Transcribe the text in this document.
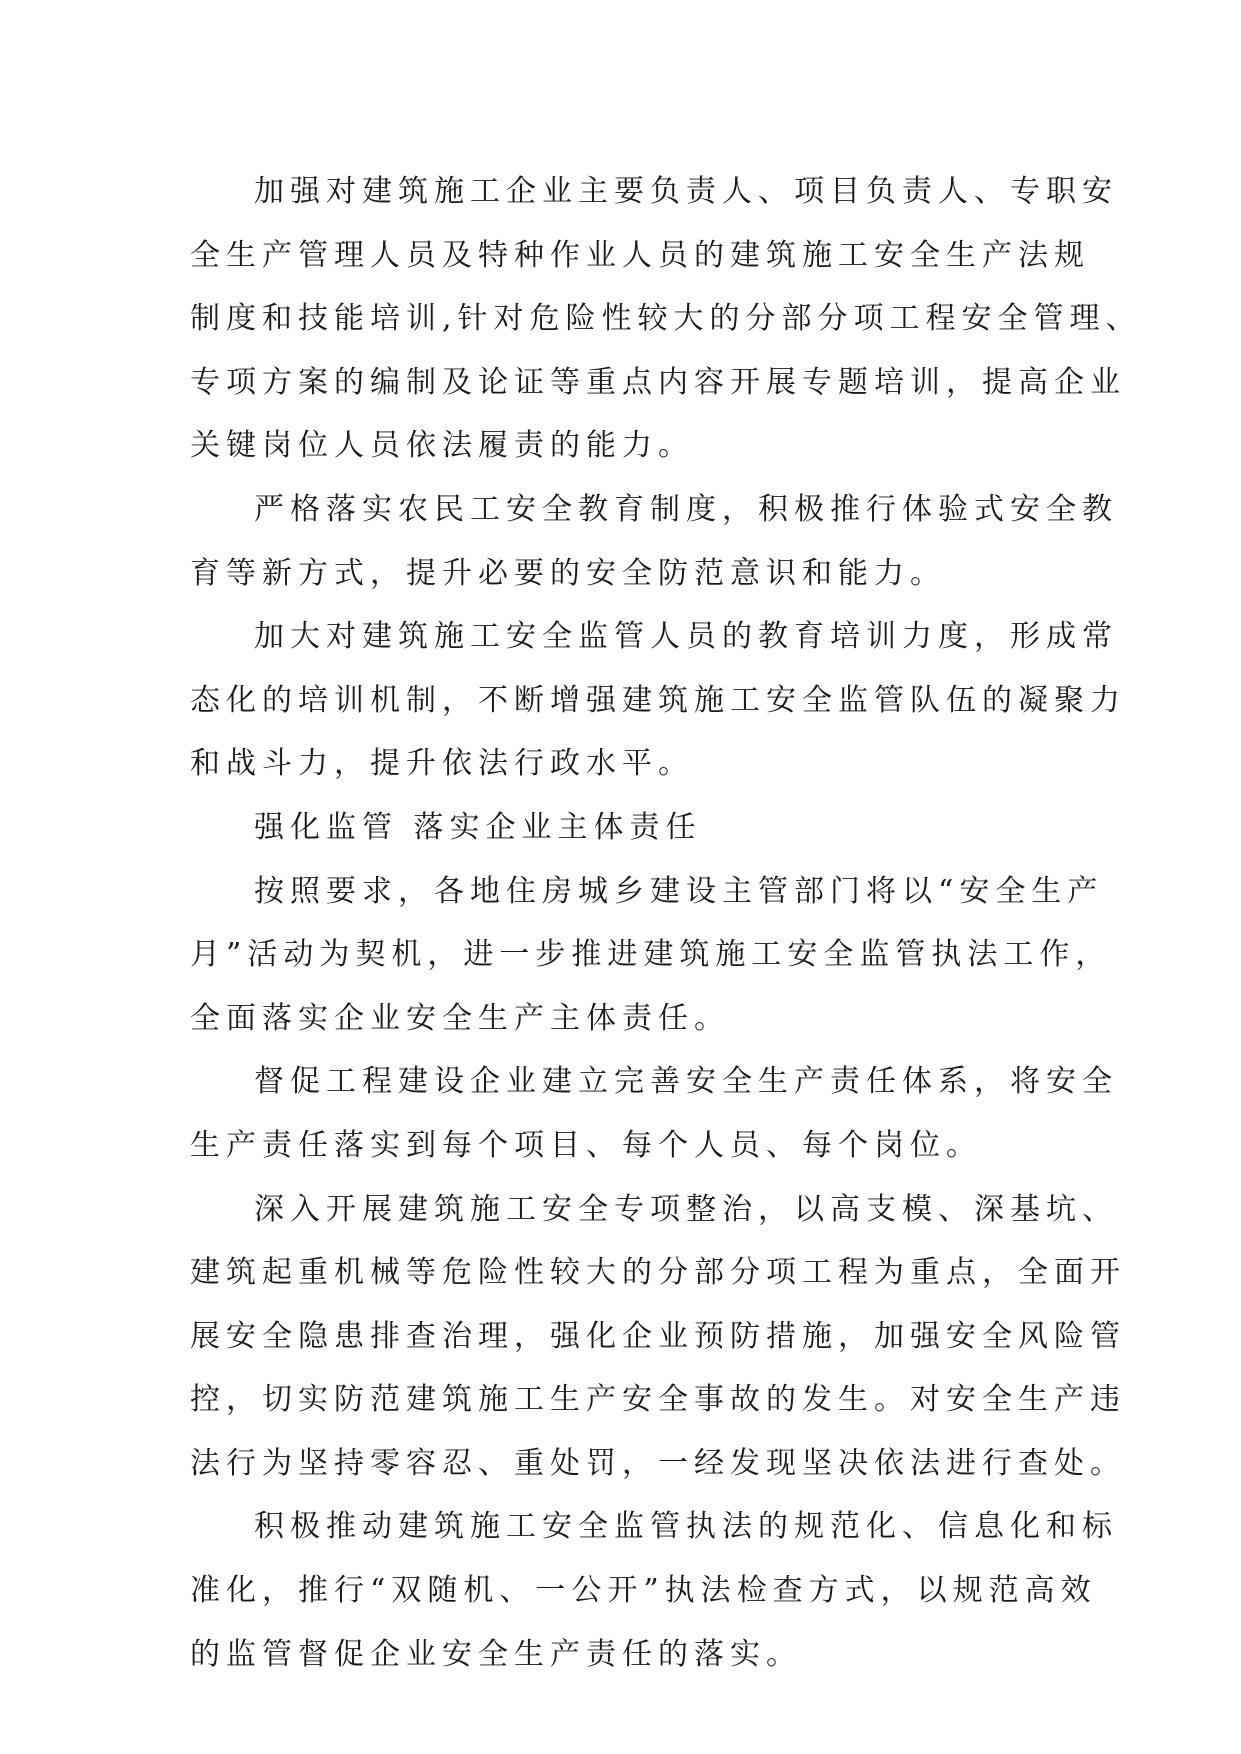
加强对建筑施工企业主要负责人、项目负责人、专职安
全生产管理人员及特种作业人员的建筑施工安全生产法规
制度和技能培训,针对危险性较大的分部分项工程安全管理、
专项方案的编制及论证等重点内容开展专题培训，提高企业
关键岗位人员依法履责的能力。
严格落实农民工安全教育制度，积极推行体验式安全教
育等新方式，提升必要的安全防范意识和能力。
加大对建筑施工安全监管人员的教育培训力度，形成常
态化的培训机制，不断增强建筑施工安全监管队伍的凝聚力
和战斗力，提升依法行政水平。
强化监管 落实企业主体责任
按照要求，各地住房城乡建设主管部门将以“安全生产
月”活动为契机，进一步推进建筑施工安全监管执法工作，
全面落实企业安全生产主体责任。
督促工程建设企业建立完善安全生产责任体系，将安全
生产责任落实到每个项目、每个人员、每个岗位。
深入开展建筑施工安全专项整治，以高支模、深基坑、
建筑起重机械等危险性较大的分部分项工程为重点，全面开
展安全隐患排查治理，强化企业预防措施，加强安全风险管
控，切实防范建筑施工生产安全事故的发生。对安全生产违
法行为坚持零容忍、重处罚，一经发现坚决依法进行查处。
积极推动建筑施工安全监管执法的规范化、信息化和标
准化，推行“双随机、一公开”执法检查方式，以规范高效
的监管督促企业安全生产责任的落实。
